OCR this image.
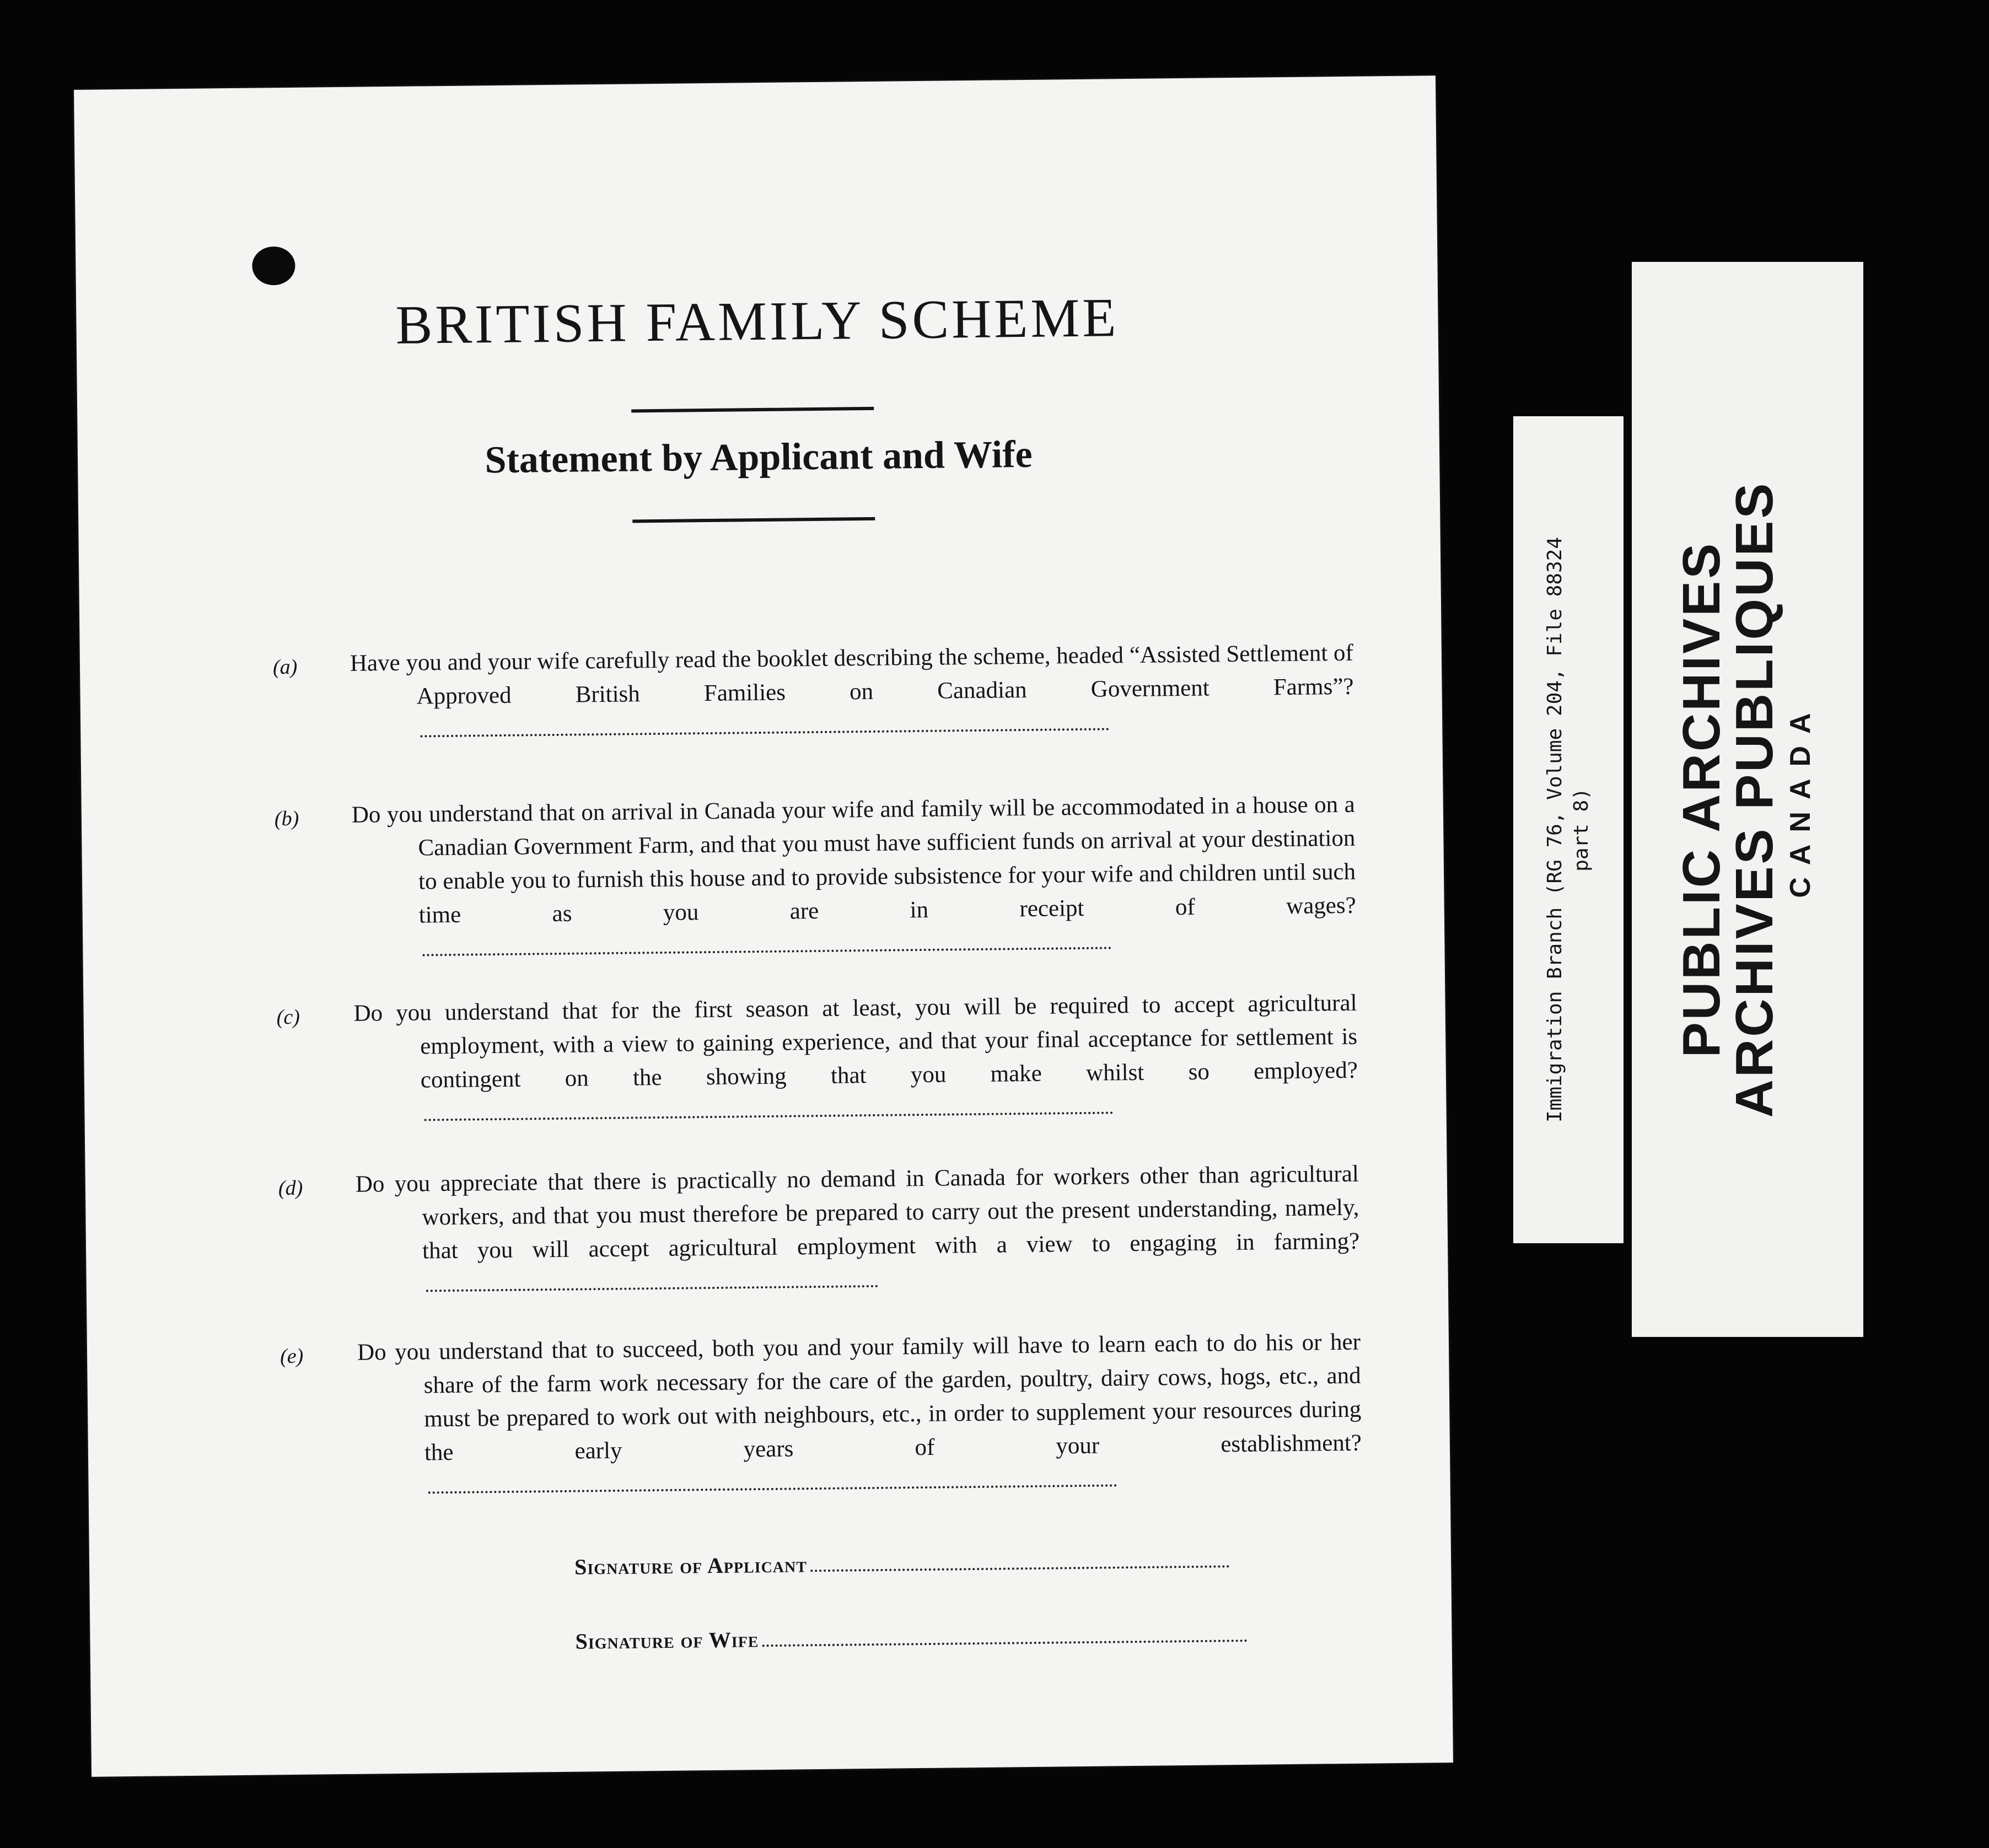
BRITISH FAMILY SCHEME
Statement by Applicant and Wife
(a) Have you and your wife carefully read the booklet describing the scheme, headed “Assisted Settlement of Approved British Families on Canadian Government Farms”?
(b) Do you understand that on arrival in Canada your wife and family will be accommodated in a house on a Canadian Government Farm, and that you must have sufficient funds on arrival at your destination to enable you to furnish this house and to provide subsistence for your wife and children until such time as you are in receipt of wages?
(c) Do you understand that for the first season at least, you will be required to accept agricultural employment, with a view to gaining experience, and that your final acceptance for settlement is contingent on the showing that you make whilst so employed?
(d) Do you appreciate that there is practically no demand in Canada for workers other than agricultural workers, and that you must therefore be prepared to carry out the present understanding, namely, that you will accept agricultural employment with a view to engaging in farming?
(e) Do you understand that to succeed, both you and your family will have to learn each to do his or her share of the farm work necessary for the care of the garden, poultry, dairy cows, hogs, etc., and must be prepared to work out with neighbours, etc., in order to supplement your resources during the early years of your establishment?
Signature of Applicant
Signature of Wife
Immigration Branch (RG 76, Volume 204, File 88324 part 8) PUBLIC ARCHIVES
ARCHIVES PUBLIQUES CANADA
